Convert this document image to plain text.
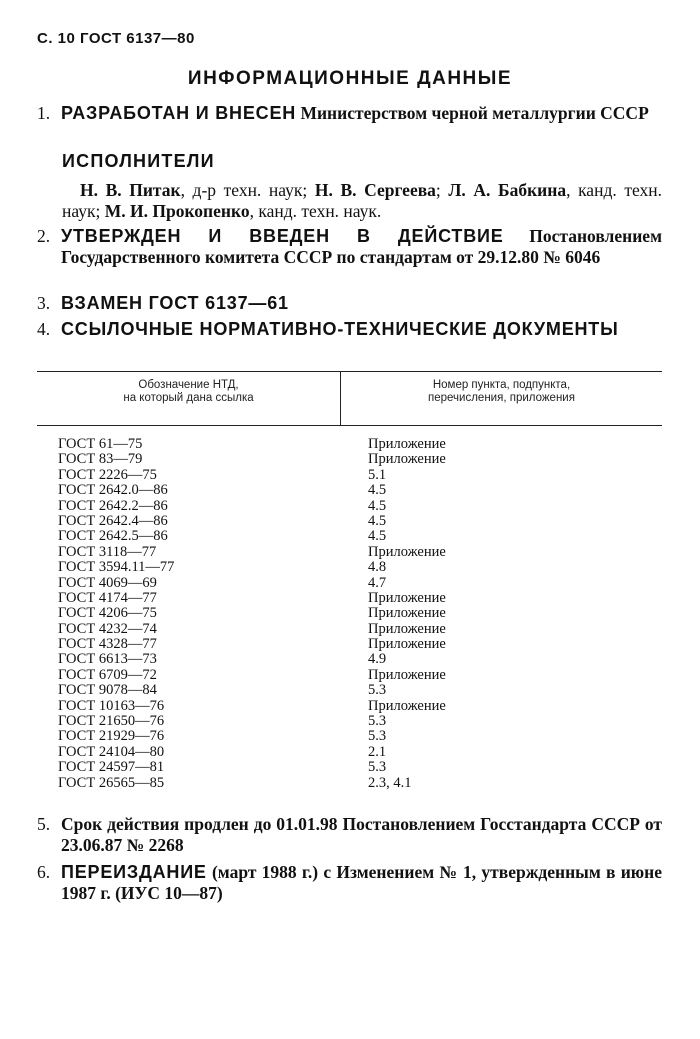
С. 10 ГОСТ 6137—80
ИНФОРМАЦИОННЫЕ ДАННЫЕ
1. РАЗРАБОТАН И ВНЕСЕН Министерством черной металлургии СССР
ИСПОЛНИТЕЛИ
Н. В. Питак, д-р техн. наук; Н. В. Сергеева; Л. А. Бабкина, канд. техн. наук; М. И. Прокопенко, канд. техн. наук.
2. УТВЕРЖДЕН И ВВЕДЕН В ДЕЙСТВИЕ Постановлением Государственного комитета СССР по стандартам от 29.12.80 № 6046
3. ВЗАМЕН ГОСТ 6137—61
4. ССЫЛОЧНЫЕ НОРМАТИВНО-ТЕХНИЧЕСКИЕ ДОКУМЕНТЫ
Обозначение НТД,
на который дана ссылка
Номер пункта, подпункта,
перечисления, приложения
ГОСТ 61—75	Приложение
ГОСТ 83—79	Приложение
ГОСТ 2226—75	5.1
ГОСТ 2642.0—86	4.5
ГОСТ 2642.2—86	4.5
ГОСТ 2642.4—86	4.5
ГОСТ 2642.5—86	4.5
ГОСТ 3118—77	Приложение
ГОСТ 3594.11—77	4.8
ГОСТ 4069—69	4.7
ГОСТ 4174—77	Приложение
ГОСТ 4206—75	Приложение
ГОСТ 4232—74	Приложение
ГОСТ 4328—77	Приложение
ГОСТ 6613—73	4.9
ГОСТ 6709—72	Приложение
ГОСТ 9078—84	5.3
ГОСТ 10163—76	Приложение
ГОСТ 21650—76	5.3
ГОСТ 21929—76	5.3
ГОСТ 24104—80	2.1
ГОСТ 24597—81	5.3
ГОСТ 26565—85	2.3, 4.1
5. Срок действия продлен до 01.01.98 Постановлением Госстандарта СССР от 23.06.87 № 2268
6. ПЕРЕИЗДАНИЕ (март 1988 г.) с Изменением № 1, утвержденным в июне 1987 г. (ИУС 10—87)
